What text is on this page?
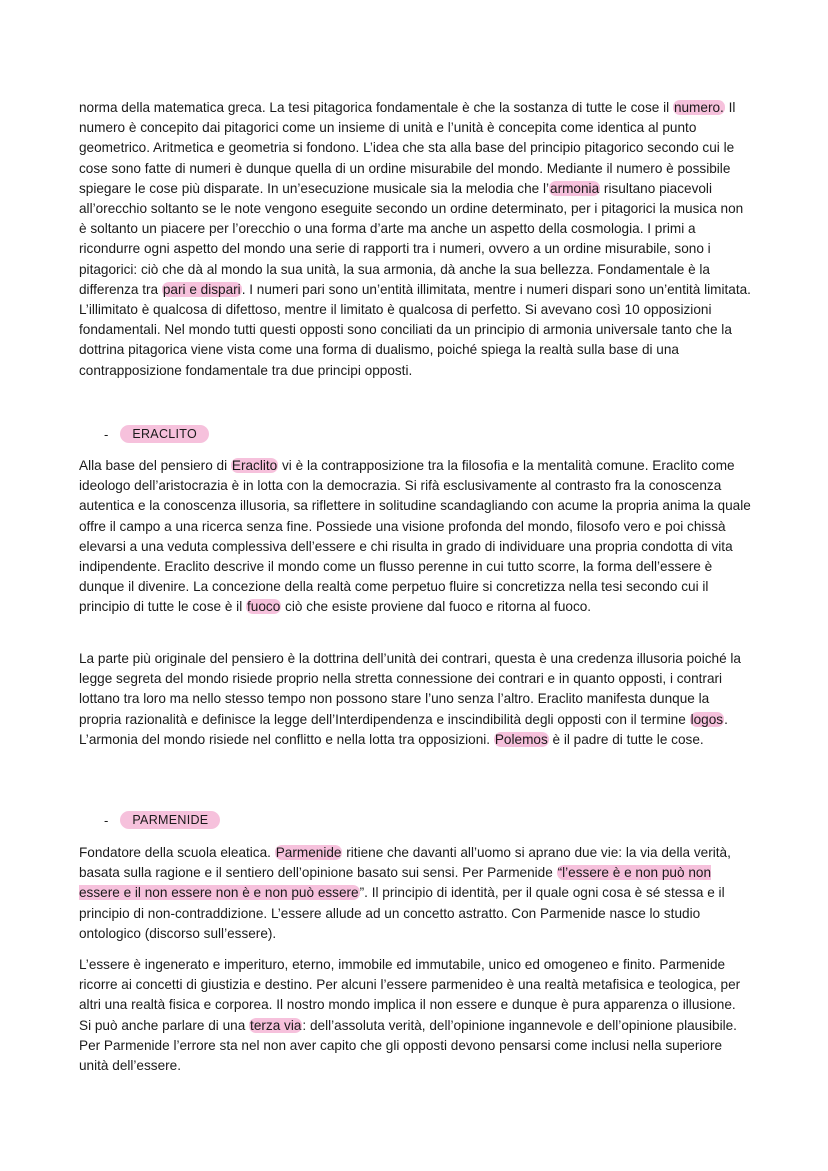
norma della matematica greca. La tesi pitagorica fondamentale è che la sostanza di tutte le cose il numero. Il numero è concepito dai pitagorici come un insieme di unità e l’unità è concepita come identica al punto geometrico. Aritmetica e geometria si fondono. L’idea che sta alla base del principio pitagorico secondo cui le cose sono fatte di numeri è dunque quella di un ordine misurabile del mondo. Mediante il numero è possibile spiegare le cose più disparate. In un’esecuzione musicale sia la melodia che l’armonia risultano piacevoli all’orecchio soltanto se le note vengono eseguite secondo un ordine determinato, per i pitagorici la musica non è soltanto un piacere per l’orecchio o una forma d’arte ma anche un aspetto della cosmologia. I primi a ricondurre ogni aspetto del mondo una serie di rapporti tra i numeri, ovvero a un ordine misurabile, sono i pitagorici: ciò che dà al mondo la sua unità, la sua armonia, dà anche la sua bellezza. Fondamentale è la differenza tra pari e dispari. I numeri pari sono un’entità illimitata, mentre i numeri dispari sono un’entità limitata. L’illimitato è qualcosa di difettoso, mentre il limitato è qualcosa di perfetto. Si avevano così 10 opposizioni fondamentali. Nel mondo tutti questi opposti sono conciliati da un principio di armonia universale tanto che la dottrina pitagorica viene vista come una forma di dualismo, poiché spiega la realtà sulla base di una contrapposizione fondamentale tra due principi opposti.

-	ERACLITO

Alla base del pensiero di Eraclito vi è la contrapposizione tra la filosofia e la mentalità comune. Eraclito come ideologo dell’aristocrazia è in lotta con la democrazia. Si rifà esclusivamente al contrasto fra la conoscenza autentica e la conoscenza illusoria, sa riflettere in solitudine scandagliando con acume la propria anima la quale offre il campo a una ricerca senza fine. Possiede una visione profonda del mondo, filosofo vero e poi chissà elevarsi a una veduta complessiva dell’essere e chi risulta in grado di individuare una propria condotta di vita indipendente. Eraclito descrive il mondo come un flusso perenne in cui tutto scorre, la forma dell’essere è dunque il divenire. La concezione della realtà come perpetuo fluire si concretizza nella tesi secondo cui il principio di tutte le cose è il fuoco ciò che esiste proviene dal fuoco e ritorna al fuoco.

La parte più originale del pensiero è la dottrina dell’unità dei contrari, questa è una credenza illusoria poiché la legge segreta del mondo risiede proprio nella stretta connessione dei contrari e in quanto opposti, i contrari lottano tra loro ma nello stesso tempo non possono stare l’uno senza l’altro. Eraclito manifesta dunque la propria razionalità e definisce la legge dell’Interdipendenza e inscindibilità degli opposti con il termine logos. L’armonia del mondo risiede nel conflitto e nella lotta tra opposizioni. Polemos è il padre di tutte le cose.

-	PARMENIDE

Fondatore della scuola eleatica. Parmenide ritiene che davanti all’uomo si aprano due vie: la via della verità, basata sulla ragione e il sentiero dell’opinione basato sui sensi. Per Parmenide “l’essere è e non può non essere e il non essere non è e non può essere”. Il principio di identità, per il quale ogni cosa è sé stessa e il principio di non-contraddizione. L’essere allude ad un concetto astratto. Con Parmenide nasce lo studio ontologico (discorso sull’essere).

L’essere è ingenerato e imperituro, eterno, immobile ed immutabile, unico ed omogeneo e finito. Parmenide ricorre ai concetti di giustizia e destino. Per alcuni l’essere parmenideo è una realtà metafisica e teologica, per altri una realtà fisica e corporea. Il nostro mondo implica il non essere e dunque è pura apparenza o illusione. Si può anche parlare di una terza via: dell’assoluta verità, dell’opinione ingannevole e dell’opinione plausibile. Per Parmenide l’errore sta nel non aver capito che gli opposti devono pensarsi come inclusi nella superiore unità dell’essere.
